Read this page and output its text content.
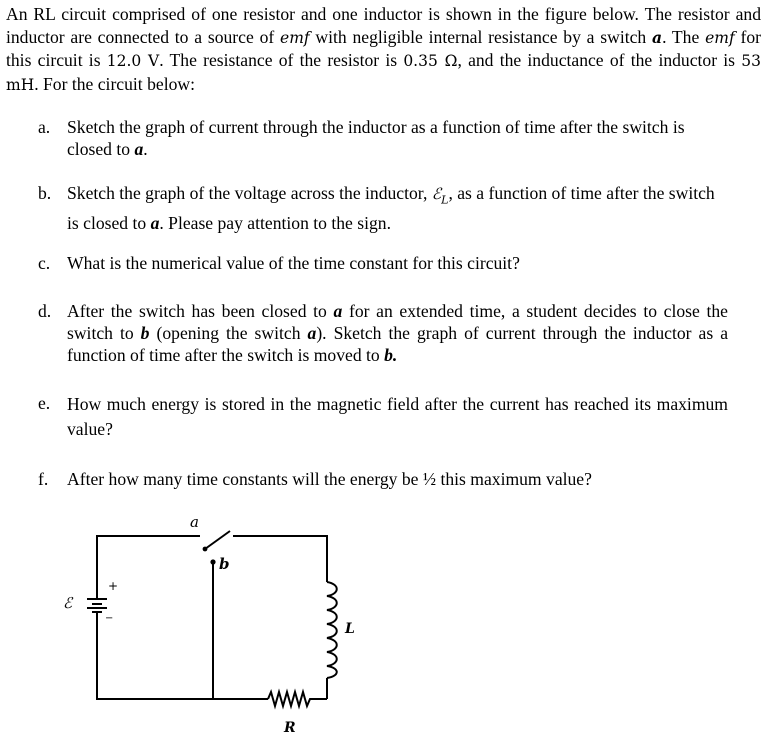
An RL circuit comprised of one resistor and one inductor is shown in the figure below. The resistor and inductor are connected to a source of emf with negligible internal resistance by a switch a. The emf for this circuit is 12.0 V. The resistance of the resistor is 0.35 Ω, and the inductance of the inductor is 53 mH. For the circuit below:
a. Sketch the graph of current through the inductor as a function of time after the switch is closed to a.
b. Sketch the graph of the voltage across the inductor, ℰ$_L$, as a function of time after the switch is closed to a. Please pay attention to the sign.
c. What is the numerical value of the time constant for this circuit?
d. After the switch has been closed to a for an extended time, a student decides to close the switch to b (opening the switch a). Sketch the graph of current through the inductor as a function of time after the switch is moved to b.
e. How much energy is stored in the magnetic field after the current has reached its maximum value?
f.	After how many time constants will the energy be ½ this maximum value?
a
b
ℰ
+
−
L
R
